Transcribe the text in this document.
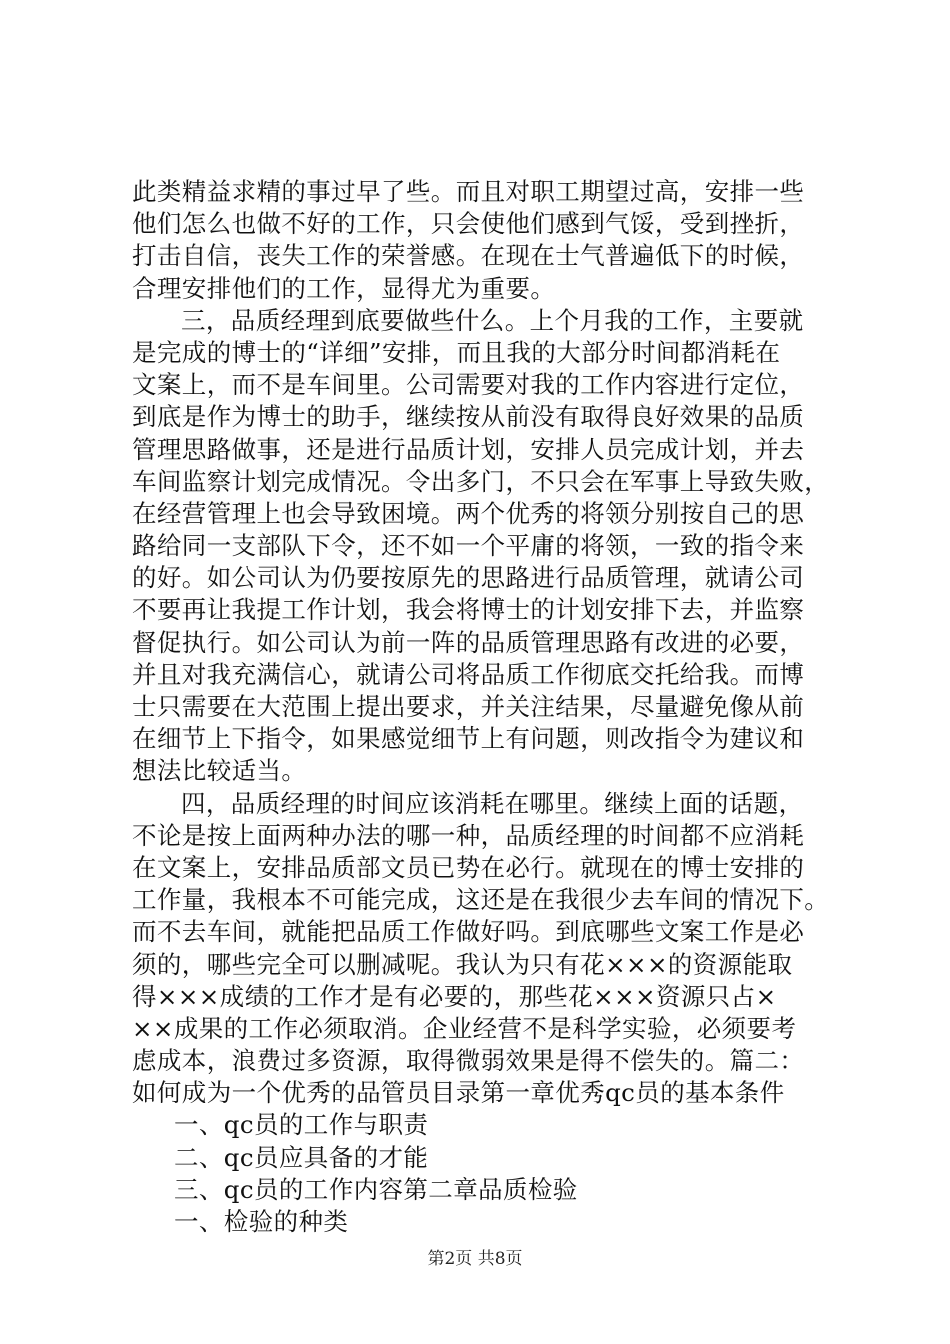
此类精益求精的事过早了些。而且对职工期望过高，安排一些
他们怎么也做不好的工作，只会使他们感到气馁，受到挫折，
打击自信，丧失工作的荣誉感。在现在士气普遍低下的时候，
合理安排他们的工作，显得尤为重要。
三，品质经理到底要做些什么。上个月我的工作，主要就
是完成的博士的“详细”安排，而且我的大部分时间都消耗在
文案上，而不是车间里。公司需要对我的工作内容进行定位，
到底是作为博士的助手，继续按从前没有取得良好效果的品质
管理思路做事，还是进行品质计划，安排人员完成计划，并去
车间监察计划完成情况。令出多门，不只会在军事上导致失败，
在经营管理上也会导致困境。两个优秀的将领分别按自己的思
路给同一支部队下令，还不如一个平庸的将领，一致的指令来
的好。如公司认为仍要按原先的思路进行品质管理，就请公司
不要再让我提工作计划，我会将博士的计划安排下去，并监察
督促执行。如公司认为前一阵的品质管理思路有改进的必要，
并且对我充满信心，就请公司将品质工作彻底交托给我。而博
士只需要在大范围上提出要求，并关注结果，尽量避免像从前
在细节上下指令，如果感觉细节上有问题，则改指令为建议和
想法比较适当。
四，品质经理的时间应该消耗在哪里。继续上面的话题，
不论是按上面两种办法的哪一种，品质经理的时间都不应消耗
在文案上，安排品质部文员已势在必行。就现在的博士安排的
工作量，我根本不可能完成，这还是在我很少去车间的情况下。
而不去车间，就能把品质工作做好吗。到底哪些文案工作是必
须的，哪些完全可以删减呢。我认为只有花×××的资源能取
得×××成绩的工作才是有必要的，那些花×××资源只占×
××成果的工作必须取消。企业经营不是科学实验，必须要考
虑成本，浪费过多资源，取得微弱效果是得不偿失的。篇二：
如何成为一个优秀的品管员目录第一章优秀qc员的基本条件
一、qc员的工作与职责
二、qc员应具备的才能
三、qc员的工作内容第二章品质检验
一、检验的种类
第2页 共8页
